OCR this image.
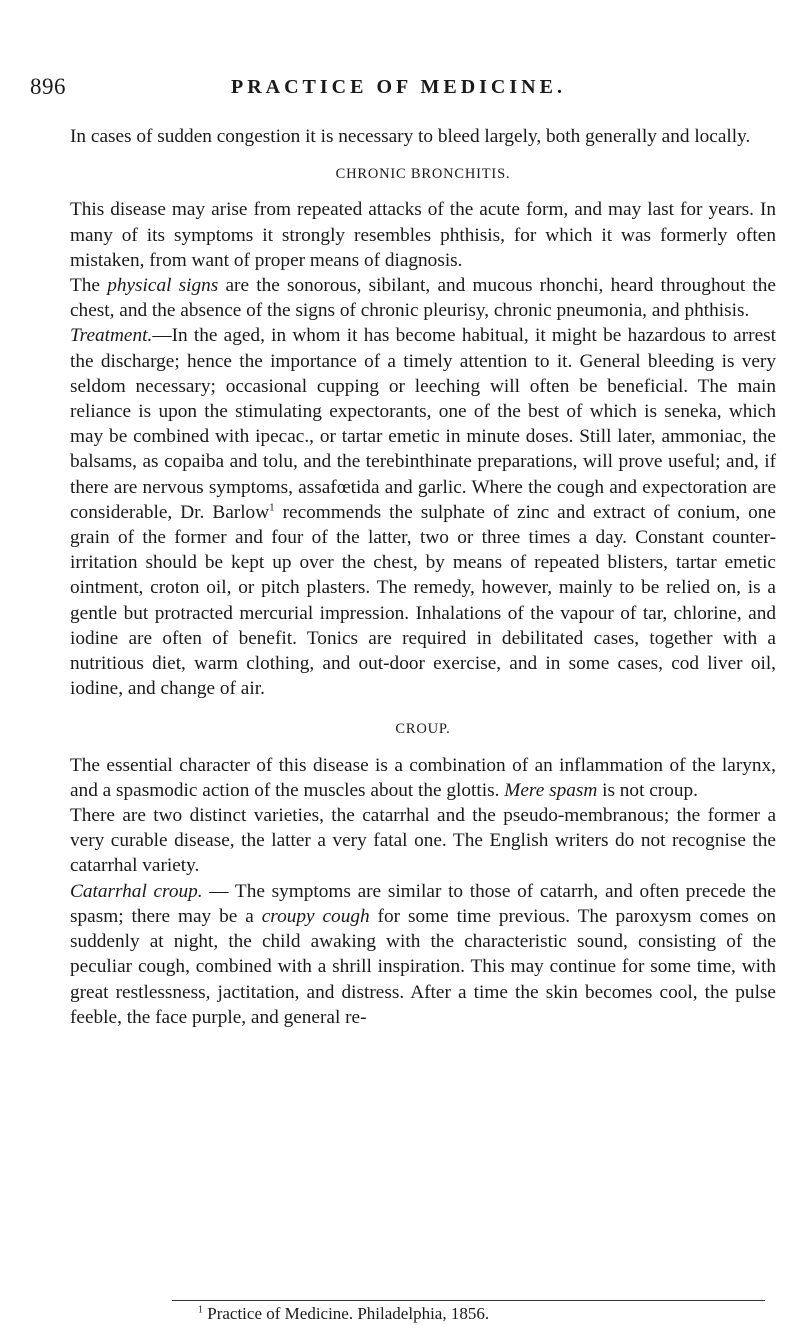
896	PRACTICE OF MEDICINE.

In cases of sudden congestion it is necessary to bleed largely, both generally and locally.

CHRONIC BRONCHITIS.

This disease may arise from repeated attacks of the acute form, and may last for years. In many of its symptoms it strongly resembles phthisis, for which it was formerly often mistaken, from want of proper means of diagnosis.

The physical signs are the sonorous, sibilant, and mucous rhonchi, heard throughout the chest, and the absence of the signs of chronic pleurisy, chronic pneumonia, and phthisis.

Treatment.—In the aged, in whom it has become habitual, it might be hazardous to arrest the discharge; hence the importance of a timely attention to it. General bleeding is very seldom necessary; occasional cupping or leeching will often be beneficial. The main reliance is upon the stimulating expectorants, one of the best of which is seneka, which may be combined with ipecac., or tartar emetic in minute doses. Still later, ammoniac, the balsams, as copaiba and tolu, and the terebinthinate preparations, will prove useful; and, if there are nervous symptoms, assafœtida and garlic. Where the cough and expectoration are considerable, Dr. Barlow$^1$ recommends the sulphate of zinc and extract of conium, one grain of the former and four of the latter, two or three times a day. Constant counter-irritation should be kept up over the chest, by means of repeated blisters, tartar emetic ointment, croton oil, or pitch plasters. The remedy, however, mainly to be relied on, is a gentle but protracted mercurial impression. Inhalations of the vapour of tar, chlorine, and iodine are often of benefit. Tonics are required in debilitated cases, together with a nutritious diet, warm clothing, and out-door exercise, and in some cases, cod liver oil, iodine, and change of air.

CROUP.

The essential character of this disease is a combination of an inflammation of the larynx, and a spasmodic action of the muscles about the glottis. Mere spasm is not croup.

There are two distinct varieties, the catarrhal and the pseudo-membranous; the former a very curable disease, the latter a very fatal one. The English writers do not recognise the catarrhal variety.

Catarrhal croup. — The symptoms are similar to those of catarrh, and often precede the spasm; there may be a croupy cough for some time previous. The paroxysm comes on suddenly at night, the child awaking with the characteristic sound, consisting of the peculiar cough, combined with a shrill inspiration. This may continue for some time, with great restlessness, jactitation, and distress. After a time the skin becomes cool, the pulse feeble, the face purple, and general re-

$^1$ Practice of Medicine. Philadelphia, 1856.
